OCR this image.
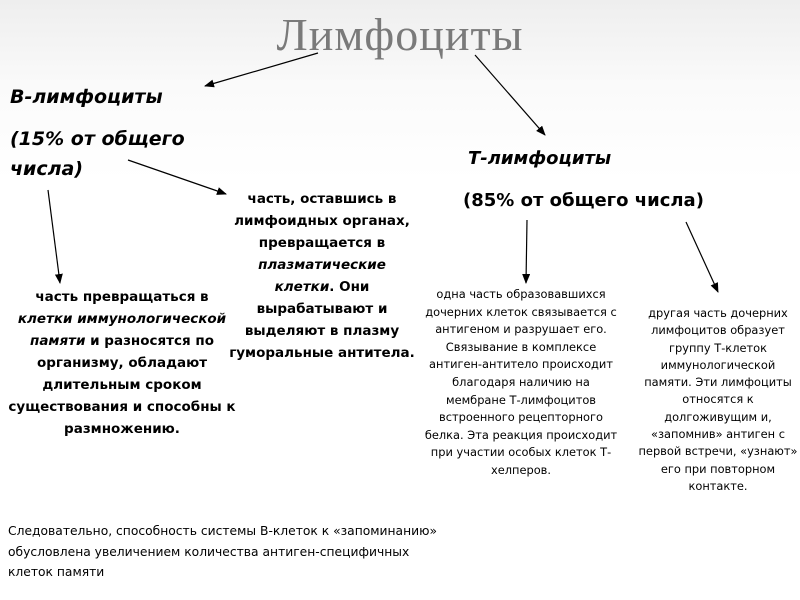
Лимфоциты
В-лимфоциты
(15% от общего числа)	Т-лимфоциты
(85% от общего числа)
часть превращаться в клетки иммунологической памяти и разносятся по организму, обладают длительным сроком существования и способны к размножению.
часть, оставшись в лимфоидных органах, превращается в плазматические клетки. Они вырабатывают и выделяют в плазму гуморальные антитела.
одна часть образовавшихся дочерних клеток связывается с антигеном и разрушает его. Связывание в комплексе антиген-антитело происходит благодаря наличию на мембране Т-лимфоцитов встроенного рецепторного белка. Эта реакция происходит при участии особых клеток Т-хелперов.
другая часть дочерних лимфоцитов образует группу Т-клеток иммунологической памяти. Эти лимфоциты относятся к долгоживущим и, «запомнив» антиген с первой встречи, «узнают» его при повторном контакте.
Следовательно, способность системы В-клеток к «запоминанию» обусловлена увеличением количества антиген-специфичных клеток памяти
